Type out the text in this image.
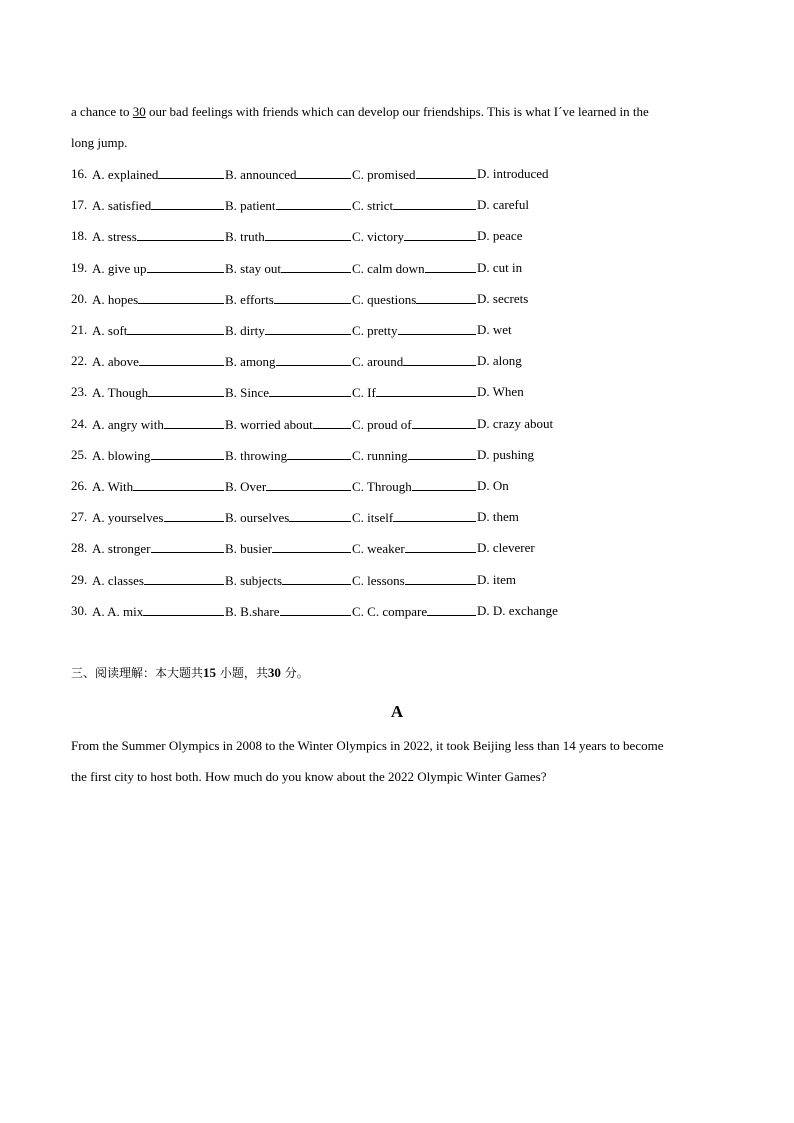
a chance to 30 our bad feelings with friends which can develop our friendships. This is what I´ve learned in the
long jump.
16. A. explained	B. announced	C. promised	D. introduced
17. A. satisfied	B. patient	C. strict	D. careful
18. A. stress	B. truth	C. victory	D. peace
19. A. give up	B. stay out	C. calm down	D. cut in
20. A. hopes	B. efforts	C. questions	D. secrets
21. A. soft	B. dirty	C. pretty	D. wet
22. A. above	B. among	C. around	D. along
23. A. Though	B. Since	C. If	D. When
24. A. angry with	B. worried about	C. proud of	D. crazy about
25. A. blowing	B. throwing	C. running	D. pushing
26. A. With	B. Over	C. Through	D. On
27. A. yourselves	B. ourselves	C. itself	D. them
28. A. stronger	B. busier	C. weaker	D. cleverer
29. A. classes	B. subjects	C. lessons	D. item
30. A. A. mix	B. B.share	C. C. compare	D. D. exchange
三、阅读理解：本大题共15 小题，共30 分。
A
From the Summer Olympics in 2008 to the Winter Olympics in 2022, it took Beijing less than 14 years to become
the first city to host both. How much do you know about the 2022 Olympic Winter Games?
